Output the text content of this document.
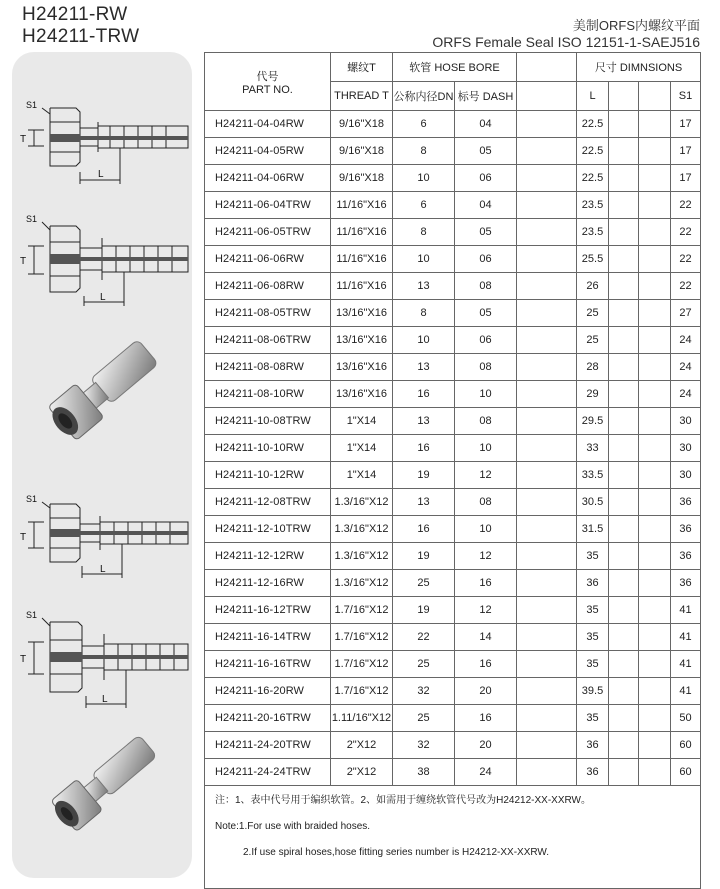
H24211-RW
H24211-TRW
美制ORFS内螺纹平面
ORFS Female Seal ISO 12151-1-SAEJ516
S1
T
L
S1
T
L
S1
T
L
S1
T
L
代号
PART NO.	螺纹T	软管 HOSE BORE			尺寸 DIMNSIONS			
	THREAD T	公称内径DN	标号 DASH		L			S1
H24211-04-04RW	9/16"X18	6	04		22.5			17
H24211-04-05RW	9/16"X18	8	05		22.5			17
H24211-04-06RW	9/16"X18	10	06		22.5			17
H24211-06-04TRW	11/16"X16	6	04		23.5			22
H24211-06-05TRW	11/16"X16	8	05		23.5			22
H24211-06-06RW	11/16"X16	10	06		25.5			22
H24211-06-08RW	11/16"X16	13	08		26			22
H24211-08-05TRW	13/16"X16	8	05		25			27
H24211-08-06TRW	13/16"X16	10	06		25			24
H24211-08-08RW	13/16"X16	13	08		28			24
H24211-08-10RW	13/16"X16	16	10		29			24
H24211-10-08TRW	1"X14	13	08		29.5			30
H24211-10-10RW	1"X14	16	10		33			30
H24211-10-12RW	1"X14	19	12		33.5			30
H24211-12-08TRW	1.3/16"X12	13	08		30.5			36
H24211-12-10TRW	1.3/16"X12	16	10		31.5			36
H24211-12-12RW	1.3/16"X12	19	12		35			36
H24211-12-16RW	1.3/16"X12	25	16		36			36
H24211-16-12TRW	1.7/16"X12	19	12		35			41
H24211-16-14TRW	1.7/16"X12	22	14		35			41
H24211-16-16TRW	1.7/16"X12	25	16		35			41
H24211-16-20RW	1.7/16"X12	32	20		39.5			41
H24211-20-16TRW	1.11/16"X12	25	16		35			50
H24211-24-20TRW	2"X12	32	20		36			60
H24211-24-24TRW	2"X12	38	24		36			60

注：1、表中代号用于编织软管。2、如需用于缠绕软管代号改为H24212-XX-XXRW。
Note:1.For use with braided hoses.
2.If use spiral hoses,hose fitting series number is H24212-XX-XXRW.								
